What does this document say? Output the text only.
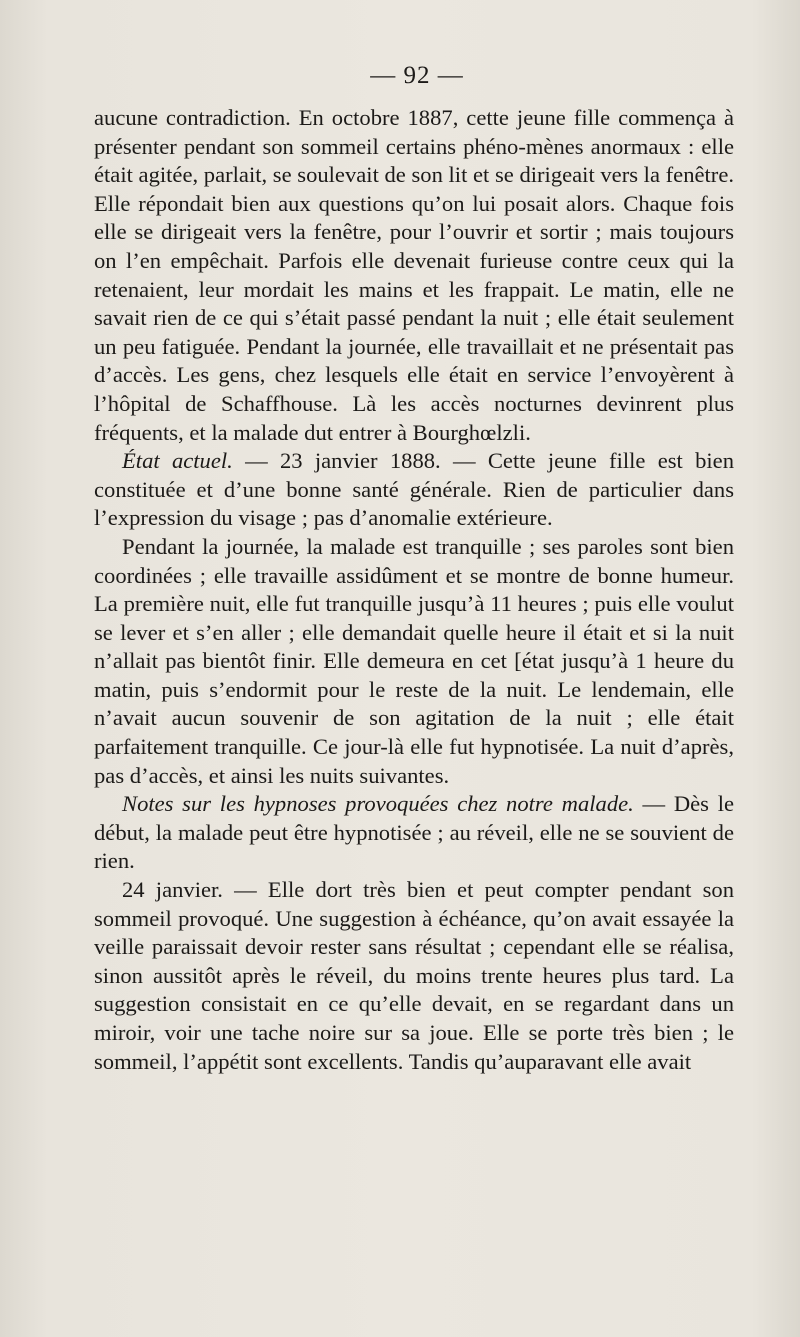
— 92 —

aucune contradiction. En octobre 1887, cette jeune fille commença à présenter pendant son sommeil certains phéno-mènes anormaux : elle était agitée, parlait, se soulevait de son lit et se dirigeait vers la fenêtre. Elle répondait bien aux questions qu’on lui posait alors. Chaque fois elle se dirigeait vers la fenêtre, pour l’ouvrir et sortir ; mais toujours on l’en empêchait. Parfois elle devenait furieuse contre ceux qui la retenaient, leur mordait les mains et les frappait. Le matin, elle ne savait rien de ce qui s’était passé pendant la nuit ; elle était seulement un peu fatiguée. Pendant la journée, elle travaillait et ne présentait pas d’accès. Les gens, chez lesquels elle était en service l’envoyèrent à l’hôpital de Schaffhouse. Là les accès nocturnes devinrent plus fréquents, et la malade dut entrer à Bourghœlzli.

État actuel. — 23 janvier 1888. — Cette jeune fille est bien constituée et d’une bonne santé générale. Rien de particulier dans l’expression du visage ; pas d’anomalie extérieure.

Pendant la journée, la malade est tranquille ; ses paroles sont bien coordinées ; elle travaille assidûment et se montre de bonne humeur. La première nuit, elle fut tranquille jusqu’à 11 heures ; puis elle voulut se lever et s’en aller ; elle demandait quelle heure il était et si la nuit n’allait pas bientôt finir. Elle demeura en cet [état jusqu’à 1 heure du matin, puis s’endormit pour le reste de la nuit. Le lendemain, elle n’avait aucun souvenir de son agitation de la nuit ; elle était parfaitement tranquille. Ce jour-là elle fut hypnotisée. La nuit d’après, pas d’accès, et ainsi les nuits suivantes.

Notes sur les hypnoses provoquées chez notre malade. — Dès le début, la malade peut être hypnotisée ; au réveil, elle ne se souvient de rien.

24 janvier. — Elle dort très bien et peut compter pendant son sommeil provoqué. Une suggestion à échéance, qu’on avait essayée la veille paraissait devoir rester sans résultat ; cependant elle se réalisa, sinon aussitôt après le réveil, du moins trente heures plus tard. La suggestion consistait en ce qu’elle devait, en se regardant dans un miroir, voir une tache noire sur sa joue. Elle se porte très bien ; le sommeil, l’appétit sont excellents. Tandis qu’auparavant elle avait
